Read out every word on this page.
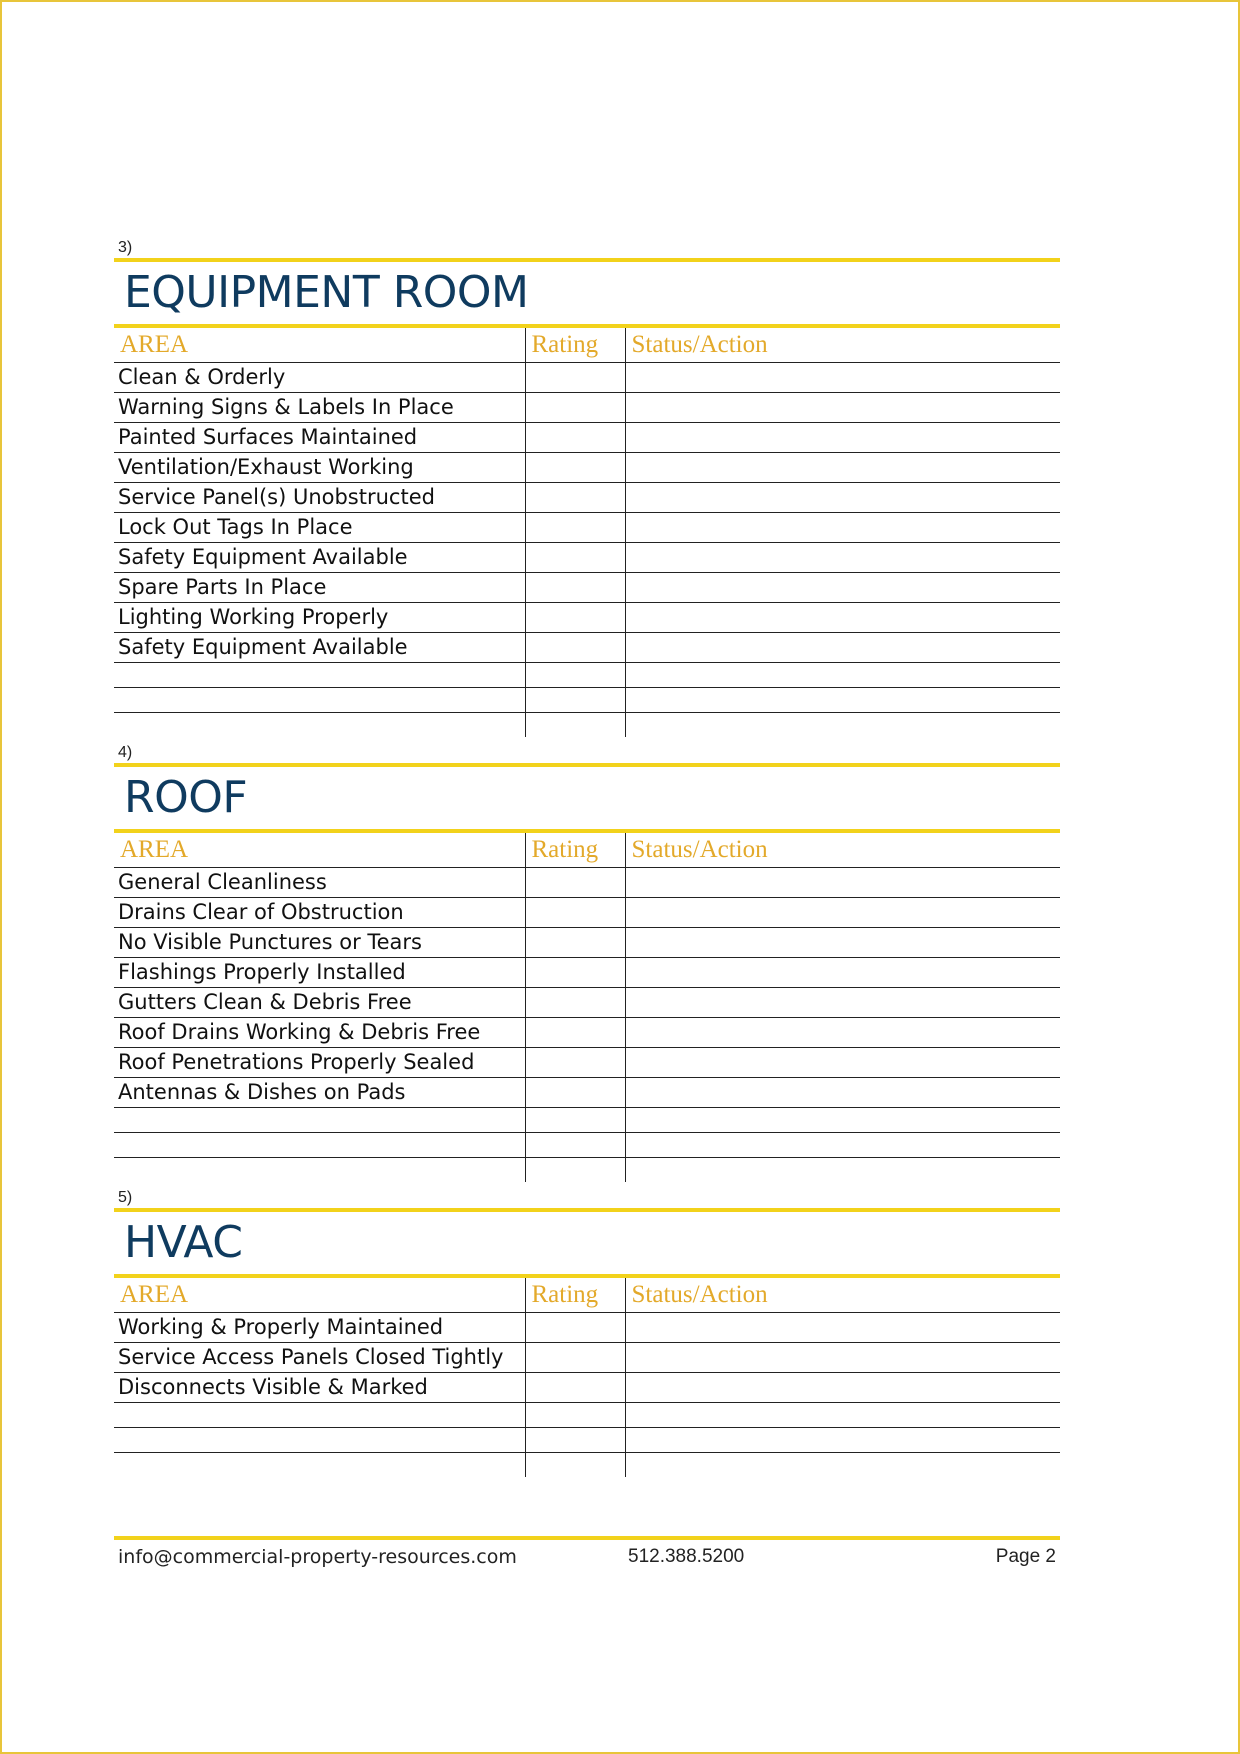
3)
EQUIPMENT ROOM
AREA	Rating	Status/Action
Clean & Orderly		
Warning Signs & Labels In Place		
Painted Surfaces Maintained		
Ventilation/Exhaust Working		
Service Panel(s) Unobstructed		
Lock Out Tags In Place		
Safety Equipment Available		
Spare Parts In Place		
Lighting Working Properly		
Safety Equipment Available		

4)
ROOF
AREA	Rating	Status/Action
General Cleanliness		
Drains Clear of Obstruction		
No Visible Punctures or Tears		
Flashings Properly Installed		
Gutters Clean & Debris Free		
Roof Drains Working & Debris Free		
Roof Penetrations Properly Sealed		
Antennas & Dishes on Pads		

5)
HVAC
AREA	Rating	Status/Action
Working & Properly Maintained		
Service Access Panels Closed Tightly		
Disconnects Visible & Marked		

info@commercial-property-resources.com	512.388.5200	Page 2
